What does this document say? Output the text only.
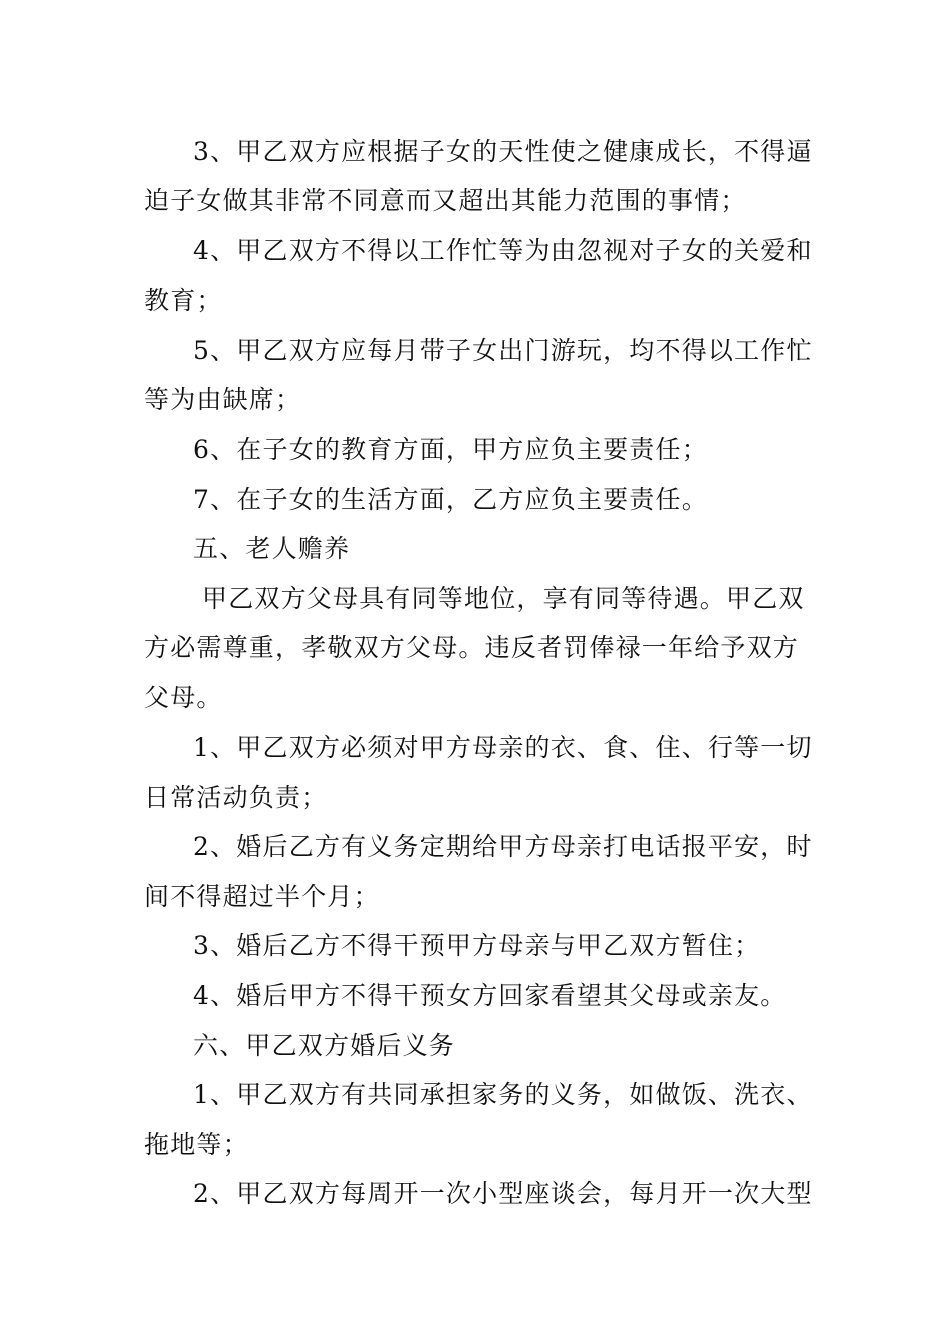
3、甲乙双方应根据子女的天性使之健康成长，不得逼
迫子女做其非常不同意而又超出其能力范围的事情；
4、甲乙双方不得以工作忙等为由忽视对子女的关爱和
教育；
5、甲乙双方应每月带子女出门游玩，均不得以工作忙
等为由缺席；
6、在子女的教育方面，甲方应负主要责任；
7、在子女的生活方面，乙方应负主要责任。
五、老人赡养
甲乙双方父母具有同等地位，享有同等待遇。甲乙双
方必需尊重，孝敬双方父母。违反者罚俸禄一年给予双方
父母。
1、甲乙双方必须对甲方母亲的衣、食、住、行等一切
日常活动负责；
2、婚后乙方有义务定期给甲方母亲打电话报平安，时
间不得超过半个月；
3、婚后乙方不得干预甲方母亲与甲乙双方暂住；
4、婚后甲方不得干预女方回家看望其父母或亲友。
六、甲乙双方婚后义务
1、甲乙双方有共同承担家务的义务，如做饭、洗衣、
拖地等；
2、甲乙双方每周开一次小型座谈会，每月开一次大型
